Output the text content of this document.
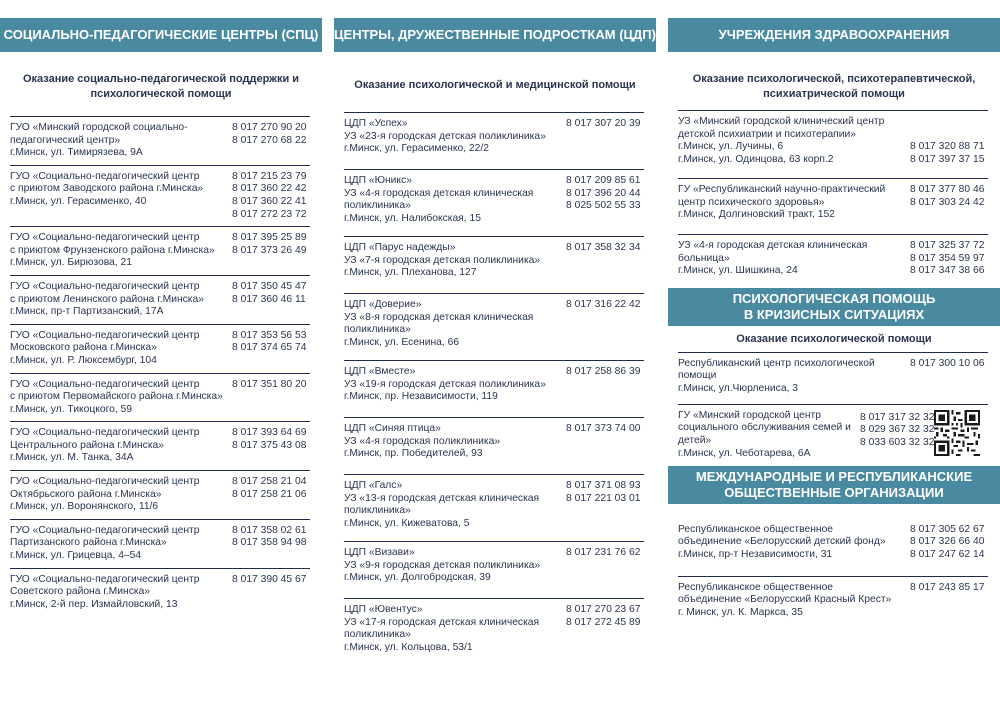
СОЦИАЛЬНО-ПЕДАГОГИЧЕСКИЕ ЦЕНТРЫ (СПЦ)
Оказание социально-педагогической поддержки и психологической помощи
ГУО «Минский городской социально-
педагогический центр»
г.Минск, ул. Тимирязева, 9А
8 017 270 90 20
8 017 270 68 22
ГУО «Социально-педагогический центр
с приютом Заводского района г.Минска»
г.Минск, ул. Герасименко, 40
8 017 215 23 79
8 017 360 22 42
8 017 360 22 41
8 017 272 23 72
ГУО «Социально-педагогический центр
с приютом Фрунзенского района г.Минска»
г.Минск, ул. Бирюзова, 21
8 017 395 25 89
8 017 373 26 49
ГУО «Социально-педагогический центр
с приютом Ленинского района г.Минска»
г.Минск, пр-т Партизанский, 17А
8 017 350 45 47
8 017 360 46 11
ГУО «Социально-педагогический центр
Московского района г.Минска»
г.Минск, ул. Р. Люксембург, 104
8 017 353 56 53
8 017 374 65 74
ГУО «Социально-педагогический центр
с приютом Первомайского района г.Минска»
г.Минск, ул. Тикоцкого, 59
8 017 351 80 20
ГУО «Социально-педагогический центр
Центрального района г.Минска»
г.Минск, ул. М. Танка, 34А
8 017 393 64 69
8 017 375 43 08
ГУО «Социально-педагогический центр
Октябрьского района г.Минска»
г.Минск, ул. Воронянского, 11/6
8 017 258 21 04
8 017 258 21 06
ГУО «Социально-педагогический центр
Партизанского района г.Минска»
г.Минск, ул. Грицевца, 4–54
8 017 358 02 61
8 017 358 94 98
ГУО «Социально-педагогический центр
Советского района г.Минска»
г.Минск, 2-й пер. Измайловский, 13
8 017 390 45 67
ЦЕНТРЫ, ДРУЖЕСТВЕННЫЕ ПОДРОСТКАМ (ЦДП)
Оказание психологической и медицинской помощи
ЦДП «Успех»
УЗ «23-я городская детская поликлиника»
г.Минск, ул. Герасименко, 22/2
8 017 307 20 39
ЦДП «Юникс»
УЗ «4-я городская детская клиническая
поликлиника»
г.Минск, ул. Налибокская, 15
8 017 209 85 61
8 017 396 20 44
8 025 502 55 33
ЦДП «Парус надежды»
УЗ «7-я городская детская поликлиника»
г.Минск, ул. Плеханова, 127
8 017 358 32 34
ЦДП «Доверие»
УЗ «8-я городская детская клиническая
поликлиника»
г.Минск, ул. Есенина, 66
8 017 316 22 42
ЦДП «Вместе»
УЗ «19-я городская детская поликлиника»
г.Минск, пр. Независимости, 119
8 017 258 86 39
ЦДП «Синяя птица»
УЗ «4-я городская поликлиника»
г.Минск, пр. Победителей, 93
8 017 373 74 00
ЦДП «Галс»
УЗ «13-я городская детская клиническая
поликлиника»
г.Минск, ул. Кижеватова, 5
8 017 371 08 93
8 017 221 03 01
ЦДП «Визави»
УЗ «9-я городская детская поликлиника»
г.Минск, ул. Долгобродская, 39
8 017 231 76 62
ЦДП «Ювентус»
УЗ «17-я городская детская клиническая
поликлиника»
г.Минск, ул. Кольцова, 53/1
8 017 270 23 67
8 017 272 45 89
УЧРЕЖДЕНИЯ ЗДРАВООХРАНЕНИЯ
Оказание психологической, психотерапевтической, психиатрической помощи
УЗ «Минский городской клинический центр
детской психиатрии и психотерапии»
г.Минск, ул. Лучины, 6
г.Минск, ул. Одинцова, 63 корп.2
8 017 320 88 71
8 017 397 37 15
ГУ «Республиканский научно-практический
центр психического здоровья»
г.Минск, Долгиновский тракт, 152
8 017 377 80 46
8 017 303 24 42
УЗ «4-я городская детская клиническая
больница»
г.Минск, ул. Шишкина, 24
8 017 325 37 72
8 017 354 59 97
8 017 347 38 66
ПСИХОЛОГИЧЕСКАЯ ПОМОЩЬ
В КРИЗИСНЫХ СИТУАЦИЯХ
Оказание психологической помощи
Республиканский центр психологической
помощи
г.Минск, ул.Чюрлениса, 3
8 017 300 10 06
ГУ «Минский городской центр
социального обслуживания семей и
детей»
г.Минск, ул. Чеботарева, 6А
8 017 317 32 32
8 029 367 32 32
8 033 603 32 32
МЕЖДУНАРОДНЫЕ И РЕСПУБЛИКАНСКИЕ
ОБЩЕСТВЕННЫЕ ОРГАНИЗАЦИИ
Республиканское общественное
объединение «Белорусский детский фонд»
г.Минск, пр-т Независимости, 31
8 017 305 62 67
8 017 326 66 40
8 017 247 62 14
Республиканское общественное
объединение «Белорусский Красный Крест»
г. Минск, ул. К. Маркса, 35
8 017 243 85 17
